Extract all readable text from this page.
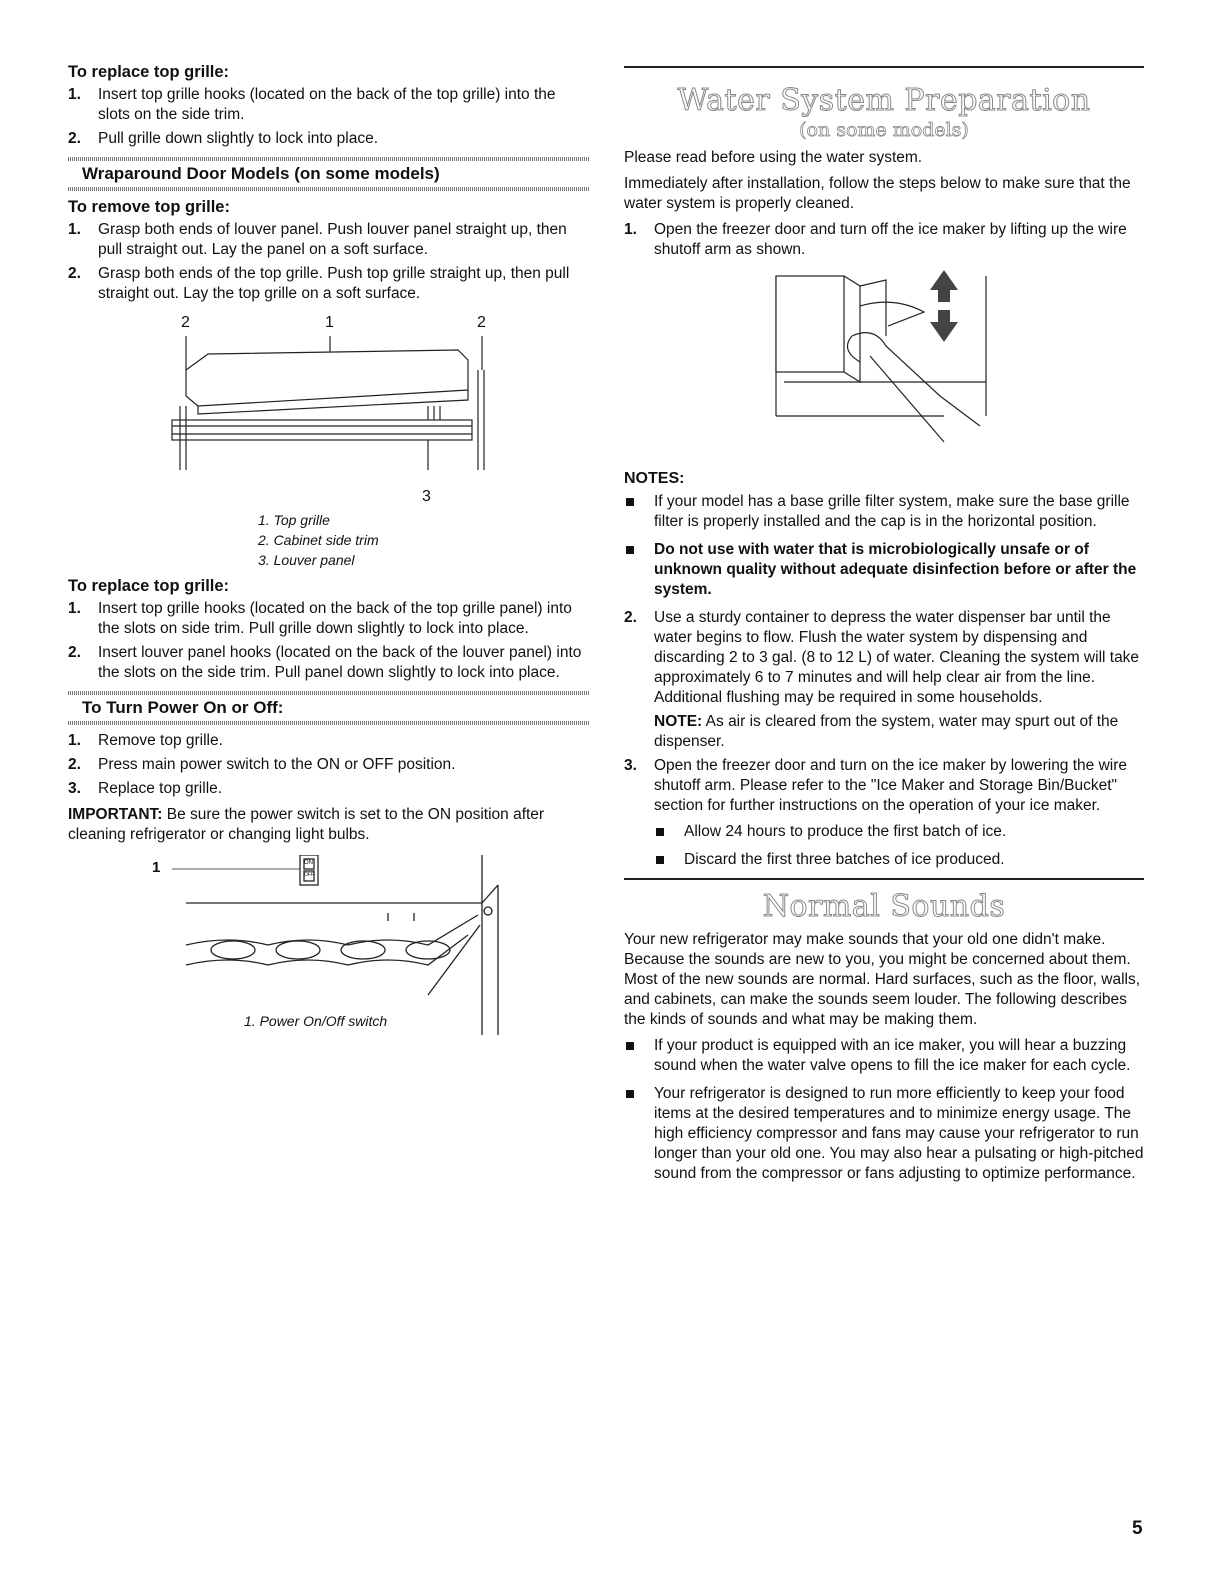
To replace top grille:
1. Insert top grille hooks (located on the back of the top grille) into the slots on the side trim.
2. Pull grille down slightly to lock into place.
Wraparound Door Models (on some models)
To remove top grille:
1. Grasp both ends of louver panel. Push louver panel straight up, then pull straight out. Lay the panel on a soft surface.
2. Grasp both ends of the top grille. Push top grille straight up, then pull straight out. Lay the top grille on a soft surface.
2	1	2
3
1. Top grille
2. Cabinet side trim
3. Louver panel
To replace top grille:
1. Insert top grille hooks (located on the back of the top grille panel) into the slots on side trim. Pull grille down slightly to lock into place.
2. Insert louver panel hooks (located on the back of the louver panel) into the slots on the side trim. Pull panel down slightly to lock into place.
To Turn Power On or Off:
1. Remove top grille.
2. Press main power switch to the ON or OFF position.
3. Replace top grille.

IMPORTANT: Be sure the power switch is set to the ON position after cleaning refrigerator or changing light bulbs.

1	ON
OFF
1. Power On/Off switch
Water System Preparation
(on some models)

Please read before using the water system.

Immediately after installation, follow the steps below to make sure that the water system is properly cleaned.

1. Open the freezer door and turn off the ice maker by lifting up the wire shutoff arm as shown.
NOTES:
If your model has a base grille filter system, make sure the base grille filter is properly installed and the cap is in the horizontal position.
Do not use with water that is microbiologically unsafe or of unknown quality without adequate disinfection before or after the system.
2. Use a sturdy container to depress the water dispenser bar until the water begins to flow. Flush the water system by dispensing and discarding 2 to 3 gal. (8 to 12 L) of water. Cleaning the system will take approximately 6 to 7 minutes and will help clear air from the line. Additional flushing may be required in some households.
NOTE: As air is cleared from the system, water may spurt out of the dispenser.
3. Open the freezer door and turn on the ice maker by lowering the wire shutoff arm. Please refer to the "Ice Maker and Storage Bin/Bucket" section for further instructions on the operation of your ice maker.
Allow 24 hours to produce the first batch of ice.
Discard the first three batches of ice produced.
Normal Sounds

Your new refrigerator may make sounds that your old one didn't make. Because the sounds are new to you, you might be concerned about them. Most of the new sounds are normal. Hard surfaces, such as the floor, walls, and cabinets, can make the sounds seem louder. The following describes the kinds of sounds and what may be making them.

If your product is equipped with an ice maker, you will hear a buzzing sound when the water valve opens to fill the ice maker for each cycle.
Your refrigerator is designed to run more efficiently to keep your food items at the desired temperatures and to minimize energy usage. The high efficiency compressor and fans may cause your refrigerator to run longer than your old one. You may also hear a pulsating or high-pitched sound from the compressor or fans adjusting to optimize performance.
5
